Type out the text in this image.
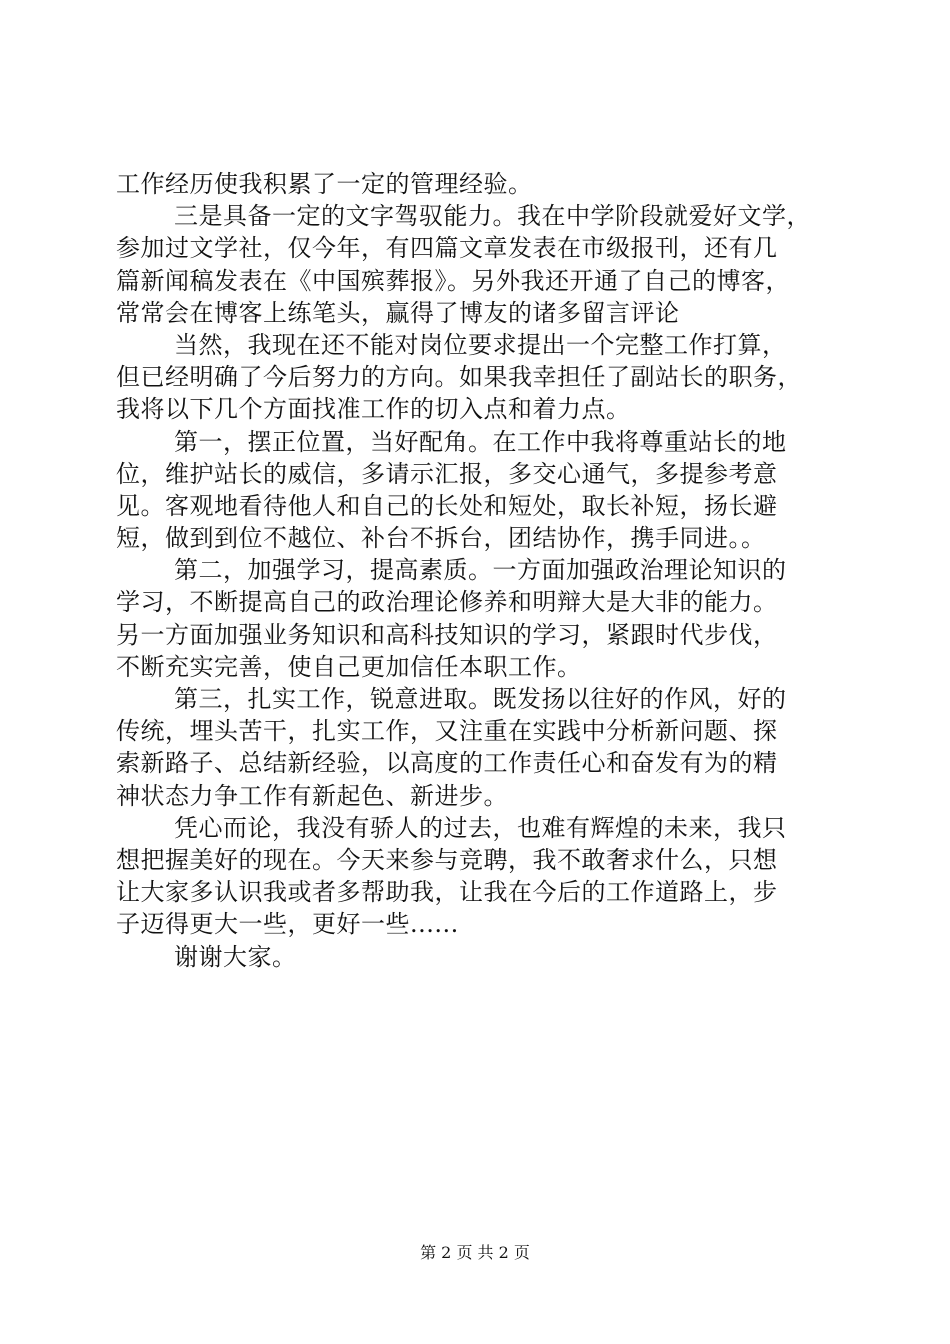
工作经历使我积累了一定的管理经验。
三是具备一定的文字驾驭能力。我在中学阶段就爱好文学，
参加过文学社，仅今年，有四篇文章发表在市级报刊，还有几
篇新闻稿发表在《中国殡葬报》。另外我还开通了自己的博客，
常常会在博客上练笔头，赢得了博友的诸多留言评论
当然，我现在还不能对岗位要求提出一个完整工作打算，
但已经明确了今后努力的方向。如果我幸担任了副站长的职务，
我将以下几个方面找准工作的切入点和着力点。
第一，摆正位置，当好配角。在工作中我将尊重站长的地
位，维护站长的威信，多请示汇报，多交心通气，多提参考意
见。客观地看待他人和自己的长处和短处，取长补短，扬长避
短，做到到位不越位、补台不拆台，团结协作，携手同进。。
第二，加强学习，提高素质。一方面加强政治理论知识的
学习，不断提高自己的政治理论修养和明辩大是大非的能力。
另一方面加强业务知识和高科技知识的学习，紧跟时代步伐，
不断充实完善，使自己更加信任本职工作。
第三，扎实工作，锐意进取。既发扬以往好的作风，好的
传统，埋头苦干，扎实工作，又注重在实践中分析新问题、探
索新路子、总结新经验，以高度的工作责任心和奋发有为的精
神状态力争工作有新起色、新进步。
凭心而论，我没有骄人的过去，也难有辉煌的未来，我只
想把握美好的现在。今天来参与竞聘，我不敢奢求什么，只想
让大家多认识我或者多帮助我，让我在今后的工作道路上，步
子迈得更大一些，更好一些......
谢谢大家。
第 2 页 共 2 页
